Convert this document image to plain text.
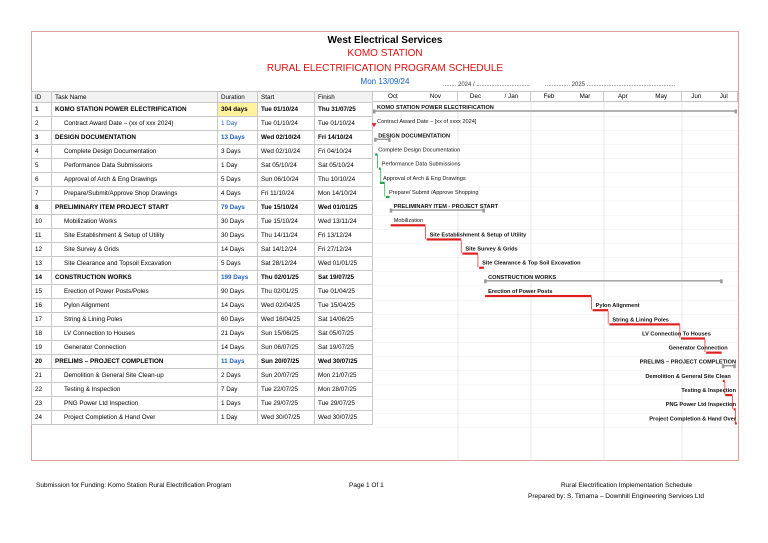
West Electrical Services
KOMO STATION
RURAL ELECTRIFICATION PROGRAM SCHEDULE
Mon 13/09/24	........ 2024 / ................................	............... 2025 .....................................................
ID	Task Name	Duration	Start	Finish
1	KOMO STATION POWER ELECTRIFICATION	304 days	Tue 01/10/24	Thu 31/07/25
2	Contract Award Date – (xx of xxx 2024)	1 Day	Tue 01/10/24	Tue 01/10/24
3	DESIGN DOCUMENTATION	13 Days	Wed 02/10/24	Fri 14/10/24
4	Complete Design Documentation	3 Days	Wed 02/10/24	Fri 04/10/24
5	Performance Data Submissions	1 Day	Sat 05/10/24	Sat 05/10/24
6	Approval of Arch & Eng Drawings	5 Days	Sun 06/10/24	Thu 10/10/24
7	Prepare/Submit/Approve Shop Drawings	4 Days	Fri 11/10/24	Mon 14/10/24
8	PRELIMINARY ITEM PROJECT START	79 Days	Tue 15/10/24	Wed 01/01/25
10	Mobilization Works	30 Days	Tue 15/10/24	Wed 13/11/24
11	Site Establishment & Setup of Utility	30 Days	Thu 14/11/24	Fri 13/12/24
12	Site Survey & Grids	14 Days	Sat 14/12/24	Fri 27/12/24
13	Site Clearance and Topsoil Excavation	5 Days	Sat 28/12/24	Wed 01/01/25
14	CONSTRUCTION WORKS	199 Days	Thu 02/01/25	Sat 19/07/25
15	Erection of Power Posts/Poles	90 Days	Thu 02/01/25	Tue 01/04/25
16	Pylon Alignment	14 Days	Wed 02/04/25	Tue 15/04/25
17	String & Lining Poles	60 Days	Wed 16/04/25	Sat 14/06/25
18	LV Connection to Houses	21 Days	Sun 15/06/25	Sat 05/07/25
19	Generator Connection	14 Days	Sun 06/07/25	Sat 19/07/25
20	PRELIMS – PROJECT COMPLETION	11 Days	Sun 20/07/25	Wed 30/07/25
21	Demolition & General Site Clean-up	2 Days	Sun 20/07/25	Mon 21/07/25
22	Testing & Inspection	7 Day	Tue 22/07/25	Mon 28/07/25
23	PNG Power Ltd Inspection	1 Days	Tue 29/07/25	Tue 29/07/25
24	Project Completion & Hand Over	1 Day	Wed 30/07/25	Wed 30/07/25
Oct	Nov	Dec	/ Jan	Feb	Mar	Apr	May	Jun	Jul
KOMO STATION POWER ELECTRIFICATION
Contract Award Date – [xx of xxxx 2024]
DESIGN DOCUMENTATION
Complete Design Documentation
Performance Data Submissions
Approval of Arch & Eng Drawings
Prepare/ Submit /Approve Shopping
PRELIMINARY ITEM - PROJECT START
Mobilization
Site Establishment & Setup of Utility
Site Survey & Grids
Site Clearance & Top Soil Excavation
CONSTRUCTION WORKS
Erection of Power Posts
Pylon Alignment
String & Lining Poles
LV Connection To Houses
Generator Connection
PRELIMS – PROJECT COMPLETION
Demolition & General Site Clean
Testing & Inspection
PNG Power Ltd Inspection
Project Completion & Hand Over
Submission for Funding: Komo Station Rural Electrification Program	Page 1 Of 1	Rural Electrification Implementation Schedule
Prepared by: S. Timama – Downhill Engineering Services Ltd
